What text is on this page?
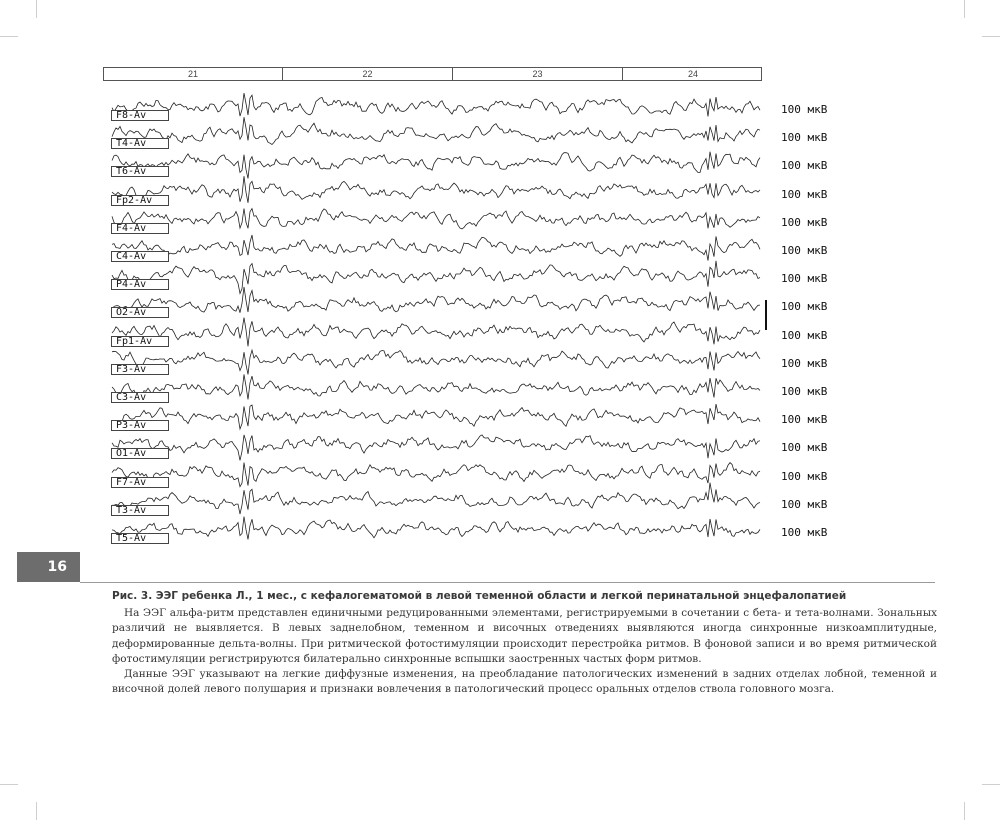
21	22	23	24
F8-Av	100 мкВ
T4-Av	100 мкВ
T6-Av	100 мкВ
Fp2-Av	100 мкВ
F4-Av	100 мкВ
C4-Av	100 мкВ
P4-Av	100 мкВ
O2-Av	100 мкВ
Fp1-Av	100 мкВ
F3-Av	100 мкВ
C3-Av	100 мкВ
P3-Av	100 мкВ
O1-Av	100 мкВ
F7-Av	100 мкВ
T3-Av	100 мкВ
T5-Av	100 мкВ
16
Рис. 3. ЭЭГ ребенка Л., 1 мес., с кефалогематомой в левой теменной области и легкой перинатальной энцефалопатией

На ЭЭГ альфа-ритм представлен единичными редуцированными элементами, регистрируемыми в сочетании с бета- и тета-волнами. Зональных различий не выявляется. В левых заднелобном, теменном и височных отведениях выявляются иногда синхронные низкоамплитудные, деформированные дельта-волны. При ритмической фотостимуляции происходит перестройка ритмов. В фоновой записи и во время ритмической фотостимуляции регистрируются билатерально синхронные вспышки заостренных частых форм ритмов.

Данные ЭЭГ указывают на легкие диффузные изменения, на преобладание патологических изменений в задних отделах лобной, теменной и височной долей левого полушария и признаки вовлечения в патологический процесс оральных отделов ствола головного мозга.
